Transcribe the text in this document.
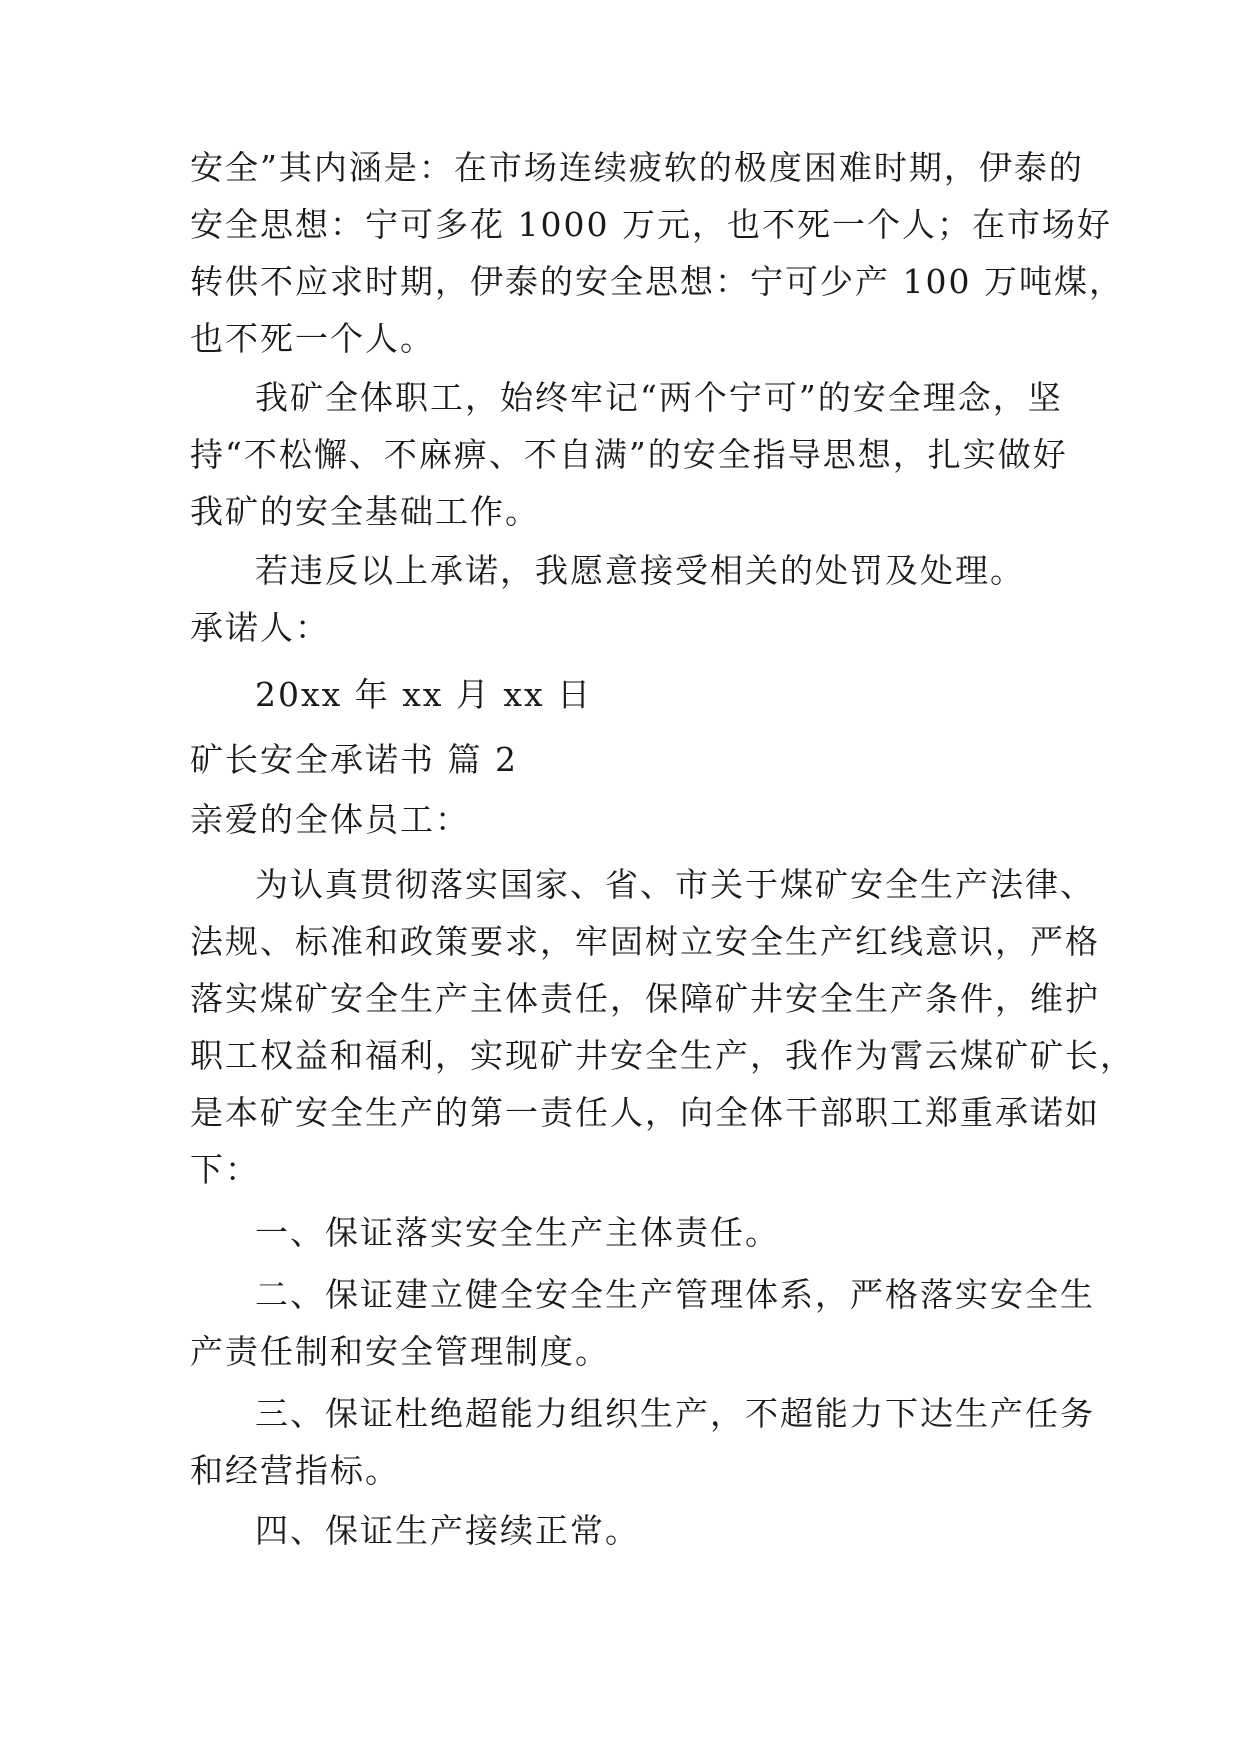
安全”其内涵是：在市场连续疲软的极度困难时期，伊泰的
安全思想：宁可多花 1000 万元，也不死一个人；在市场好
转供不应求时期，伊泰的安全思想：宁可少产 100 万吨煤，
也不死一个人。
我矿全体职工，始终牢记“两个宁可”的安全理念，坚
持“不松懈、不麻痹、不自满”的安全指导思想，扎实做好
我矿的安全基础工作。
若违反以上承诺，我愿意接受相关的处罚及处理。
承诺人：
20xx 年 xx 月 xx 日
矿长安全承诺书 篇 2
亲爱的全体员工：
为认真贯彻落实国家、省、市关于煤矿安全生产法律、
法规、标准和政策要求，牢固树立安全生产红线意识，严格
落实煤矿安全生产主体责任，保障矿井安全生产条件，维护
职工权益和福利，实现矿井安全生产，我作为霄云煤矿矿长，
是本矿安全生产的第一责任人，向全体干部职工郑重承诺如
下：
一、保证落实安全生产主体责任。
二、保证建立健全安全生产管理体系，严格落实安全生
产责任制和安全管理制度。
三、保证杜绝超能力组织生产，不超能力下达生产任务
和经营指标。
四、保证生产接续正常。
